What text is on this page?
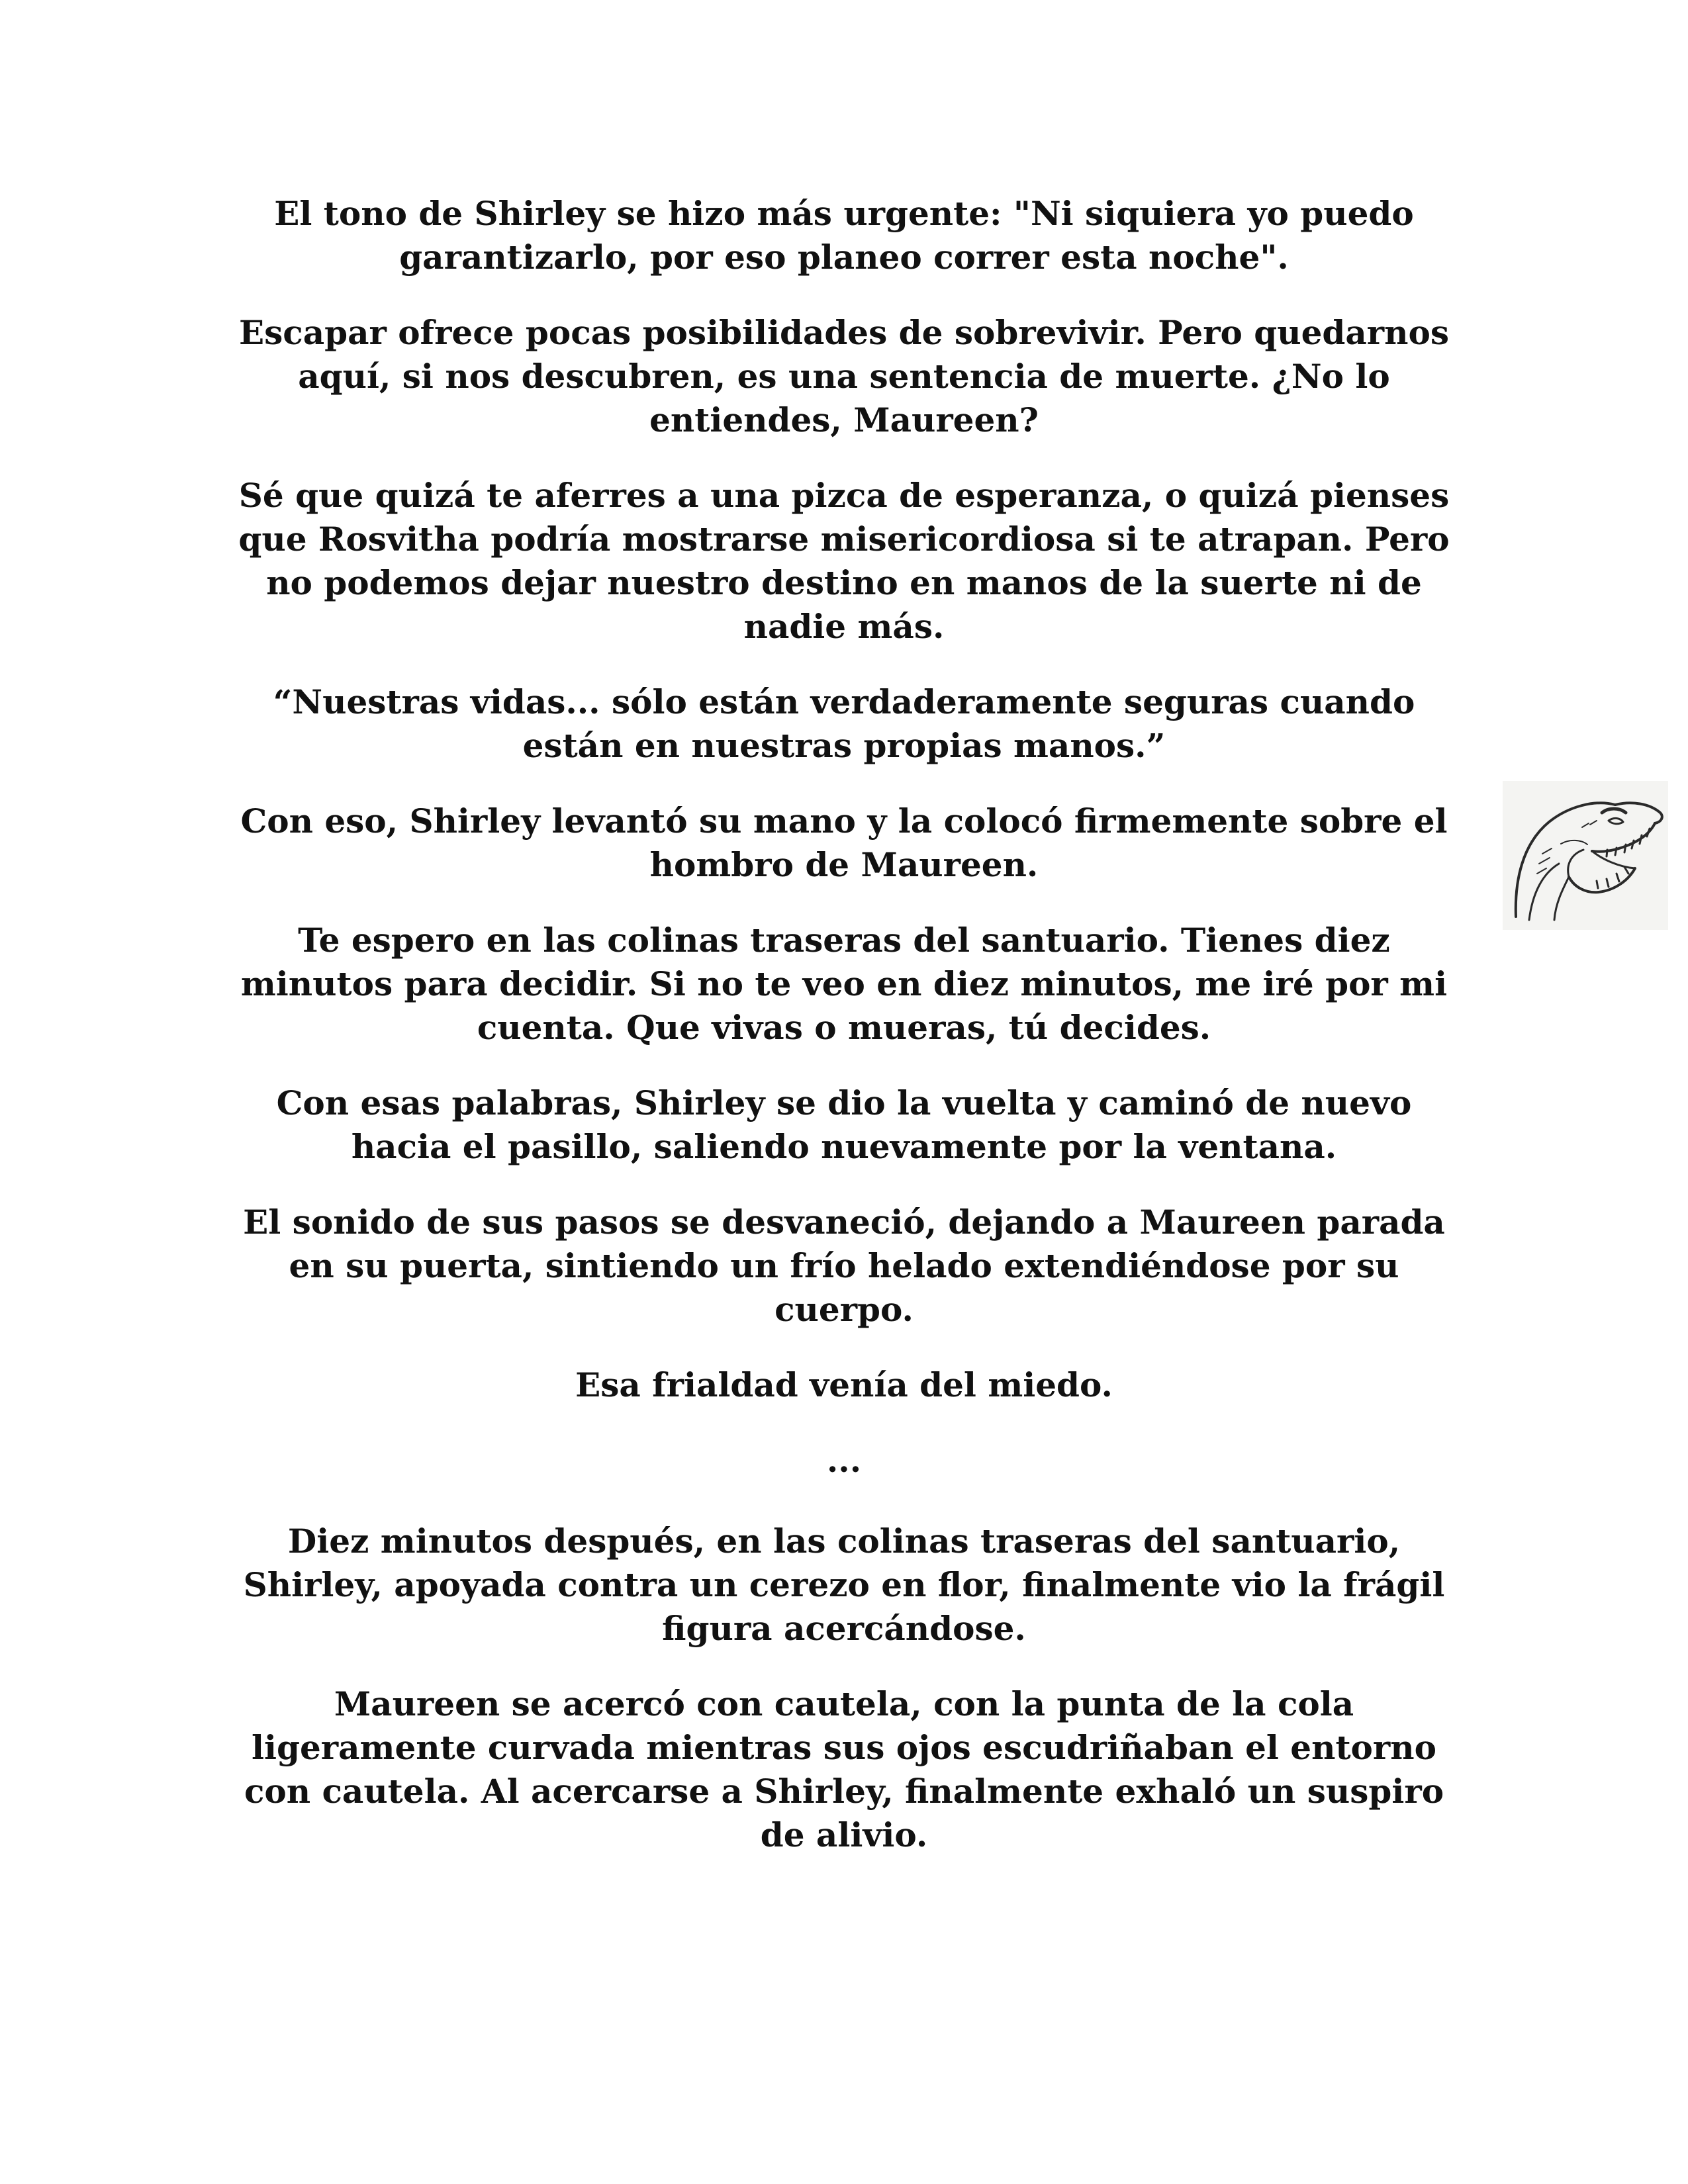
El tono de Shirley se hizo más urgente: "Ni siquiera yo puedo garantizarlo, por eso planeo correr esta noche".

Escapar ofrece pocas posibilidades de sobrevivir. Pero quedarnos aquí, si nos descubren, es una sentencia de muerte. ¿No lo entiendes, Maureen?

Sé que quizá te aferres a una pizca de esperanza, o quizá pienses que Rosvitha podría mostrarse misericordiosa si te atrapan. Pero no podemos dejar nuestro destino en manos de la suerte ni de nadie más.

“Nuestras vidas... sólo están verdaderamente seguras cuando están en nuestras propias manos.”

Con eso, Shirley levantó su mano y la colocó firmemente sobre el hombro de Maureen.

Te espero en las colinas traseras del santuario. Tienes diez minutos para decidir. Si no te veo en diez minutos, me iré por mi cuenta. Que vivas o mueras, tú decides.

Con esas palabras, Shirley se dio la vuelta y caminó de nuevo hacia el pasillo, saliendo nuevamente por la ventana.

El sonido de sus pasos se desvaneció, dejando a Maureen parada en su puerta, sintiendo un frío helado extendiéndose por su cuerpo.

Esa frialdad venía del miedo.

...

Diez minutos después, en las colinas traseras del santuario, Shirley, apoyada contra un cerezo en flor, finalmente vio la frágil figura acercándose.

Maureen se acercó con cautela, con la punta de la cola ligeramente curvada mientras sus ojos escudriñaban el entorno con cautela. Al acercarse a Shirley, finalmente exhaló un suspiro de alivio.
